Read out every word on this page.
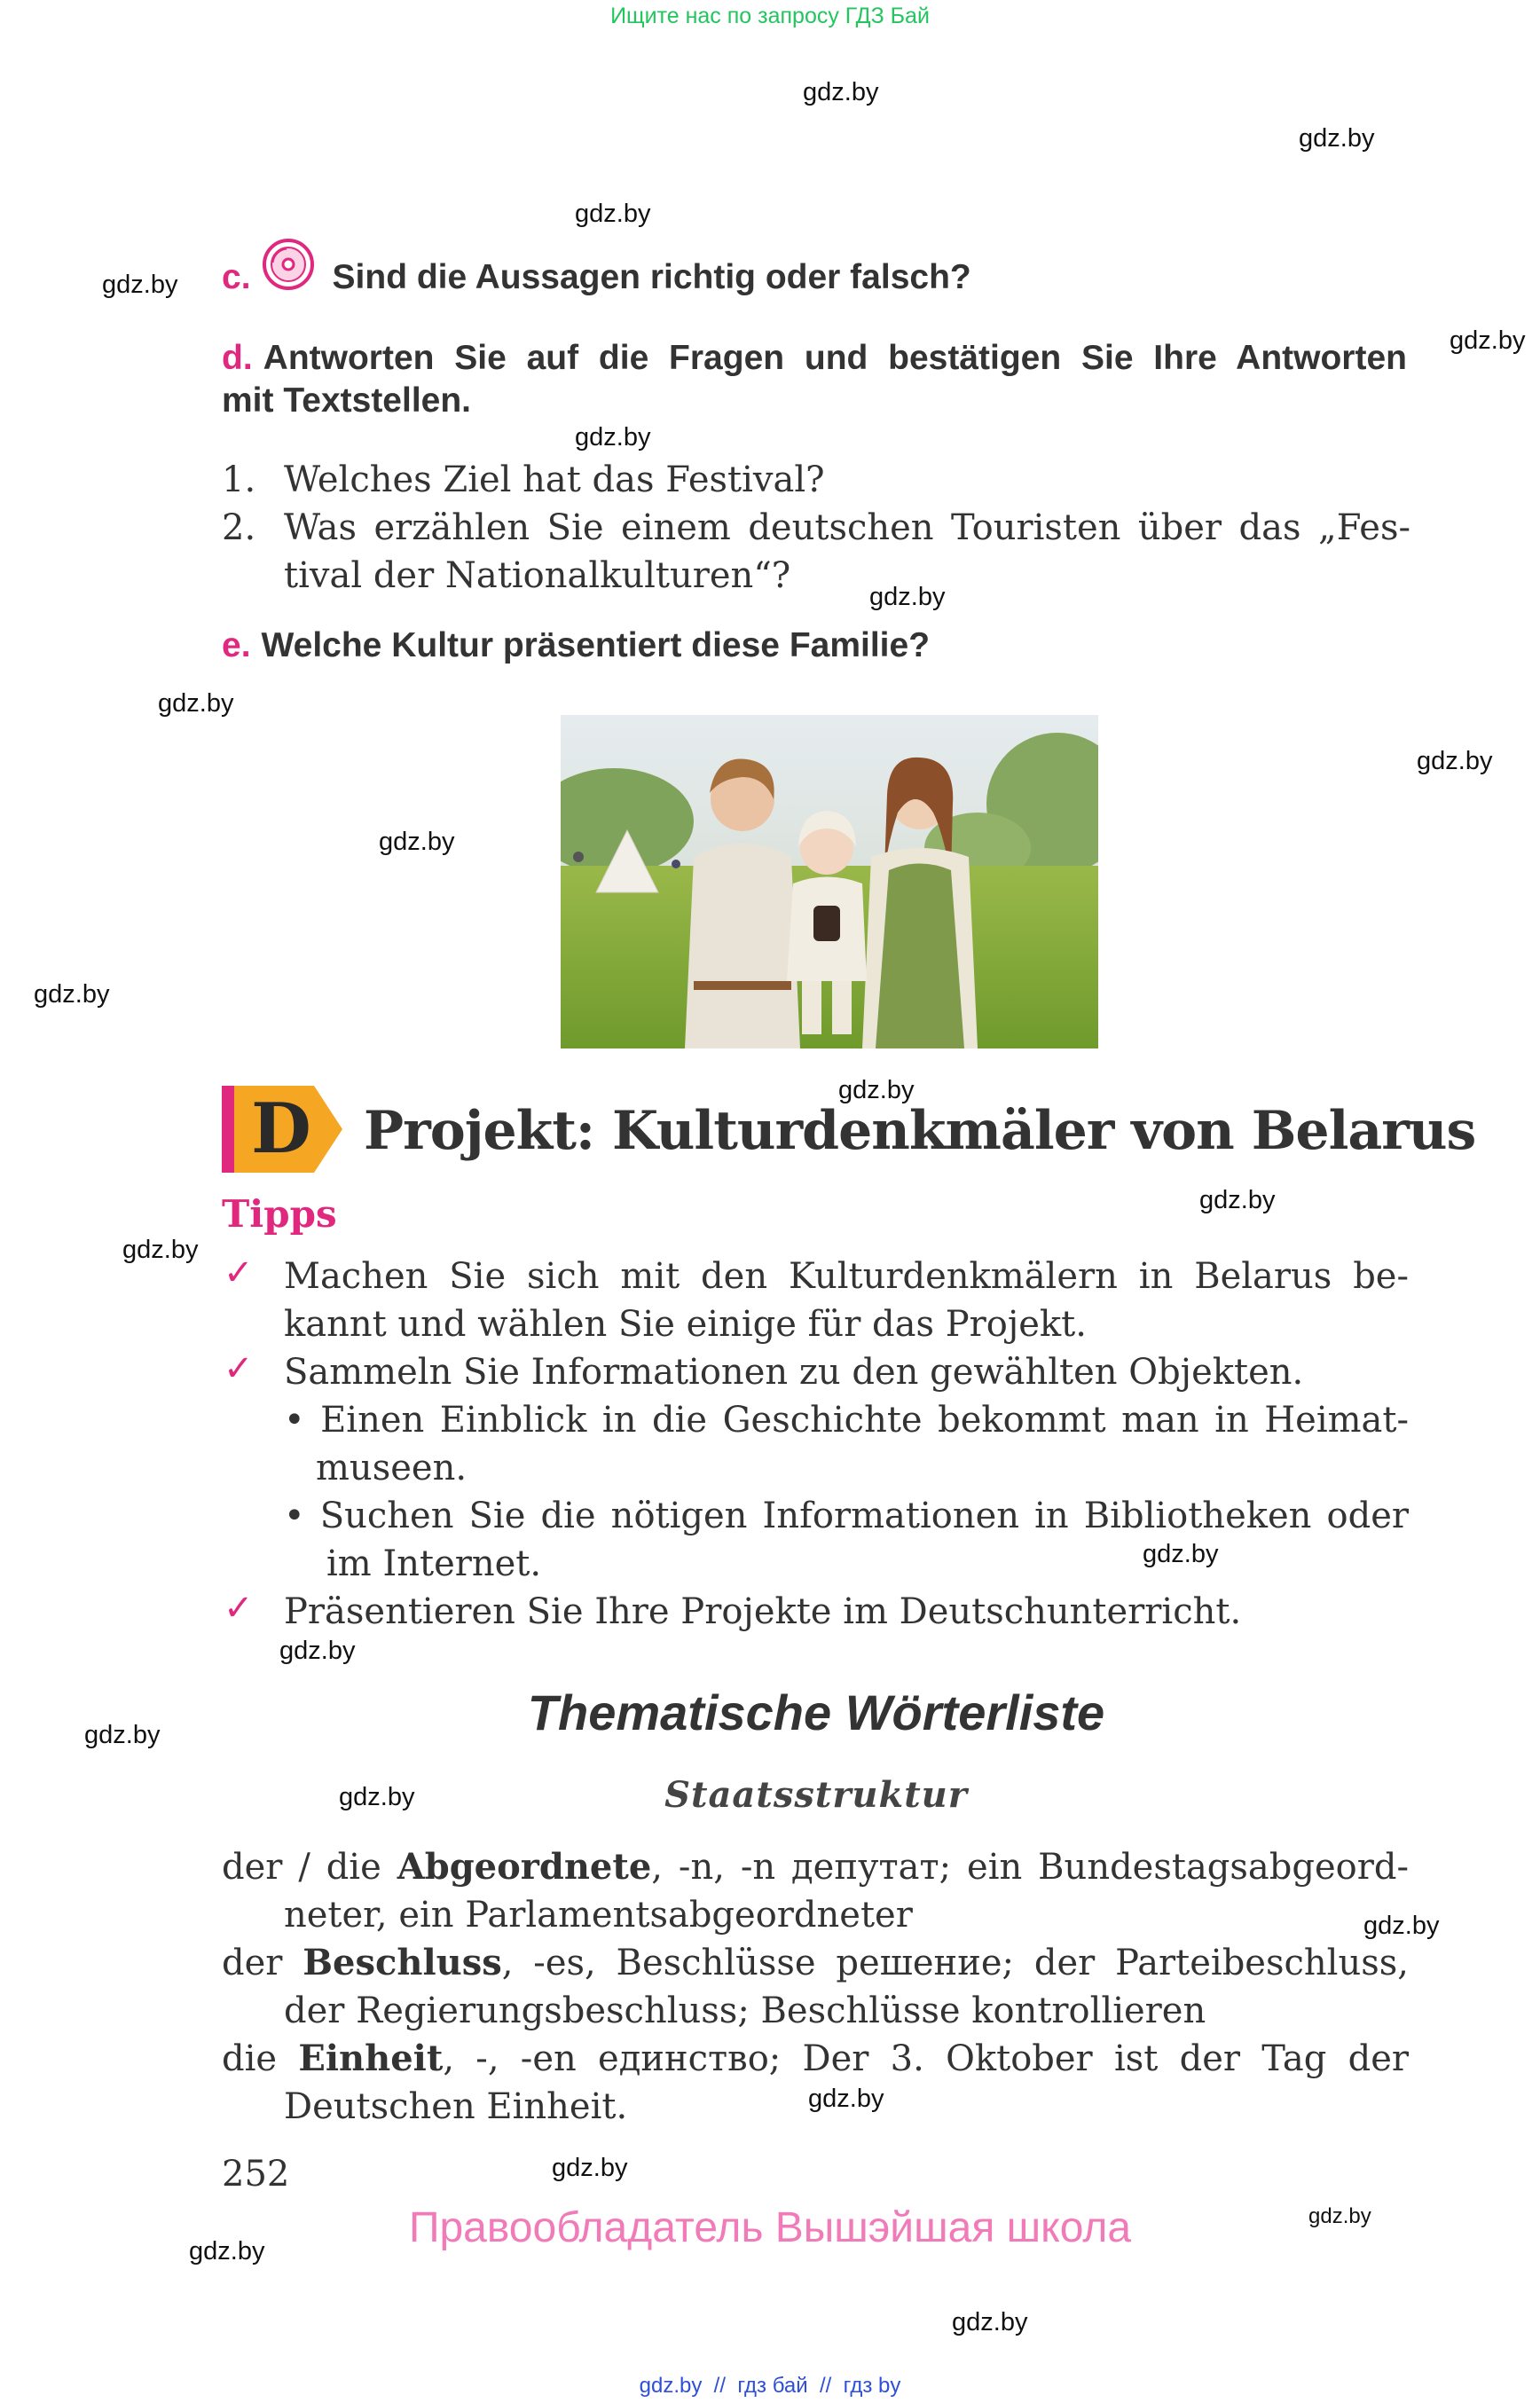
Ищите нас по запросу ГДЗ Бай
gdz.by
gdz.by
gdz.by
gdz.by
gdz.by
gdz.by
gdz.by
gdz.by
gdz.by
gdz.by
gdz.by
gdz.by
gdz.by
gdz.by
gdz.by
gdz.by
gdz.by
gdz.by
gdz.by
gdz.by
gdz.by
gdz.by
gdz.by
gdz.by
c. Sind die Aussagen richtig oder falsch?
d. Antworten Sie auf die Fragen und bestätigen Sie Ihre Antworten
mit Textstellen.
1. Welches Ziel hat das Festival?
2. Was erzählen Sie einem deutschen Touristen über das „Fes-
tival der Nationalkulturen“?
e. Welche Kultur präsentiert diese Familie?
D Projekt: Kulturdenkmäler von Belarus
Tipps
✓ Machen Sie sich mit den Kulturdenkmälern in Belarus be-
kannt und wählen Sie einige für das Projekt.
✓ Sammeln Sie Informationen zu den gewählten Objekten.
• Einen Einblick in die Geschichte bekommt man in Heimat-
museen.
• Suchen Sie die nötigen Informationen in Bibliotheken oder
im Internet.
✓ Präsentieren Sie Ihre Projekte im Deutschunterricht.
Thematische Wörterliste
Staatsstruktur
der / die Abgeordnete, -n, -n депутат; ein Bundestagsabgeord-
neter, ein Parlamentsabgeordneter
der Beschluss, -es, Beschlüsse решение; der Parteibeschluss,
der Regierungsbeschluss; Beschlüsse kontrollieren
die Einheit, -, -en единство; Der 3. Oktober ist der Tag der
Deutschen Einheit.
252
Правообладатель Вышэйшая школа
gdz.by  //  гдз бай  //  гдз by
